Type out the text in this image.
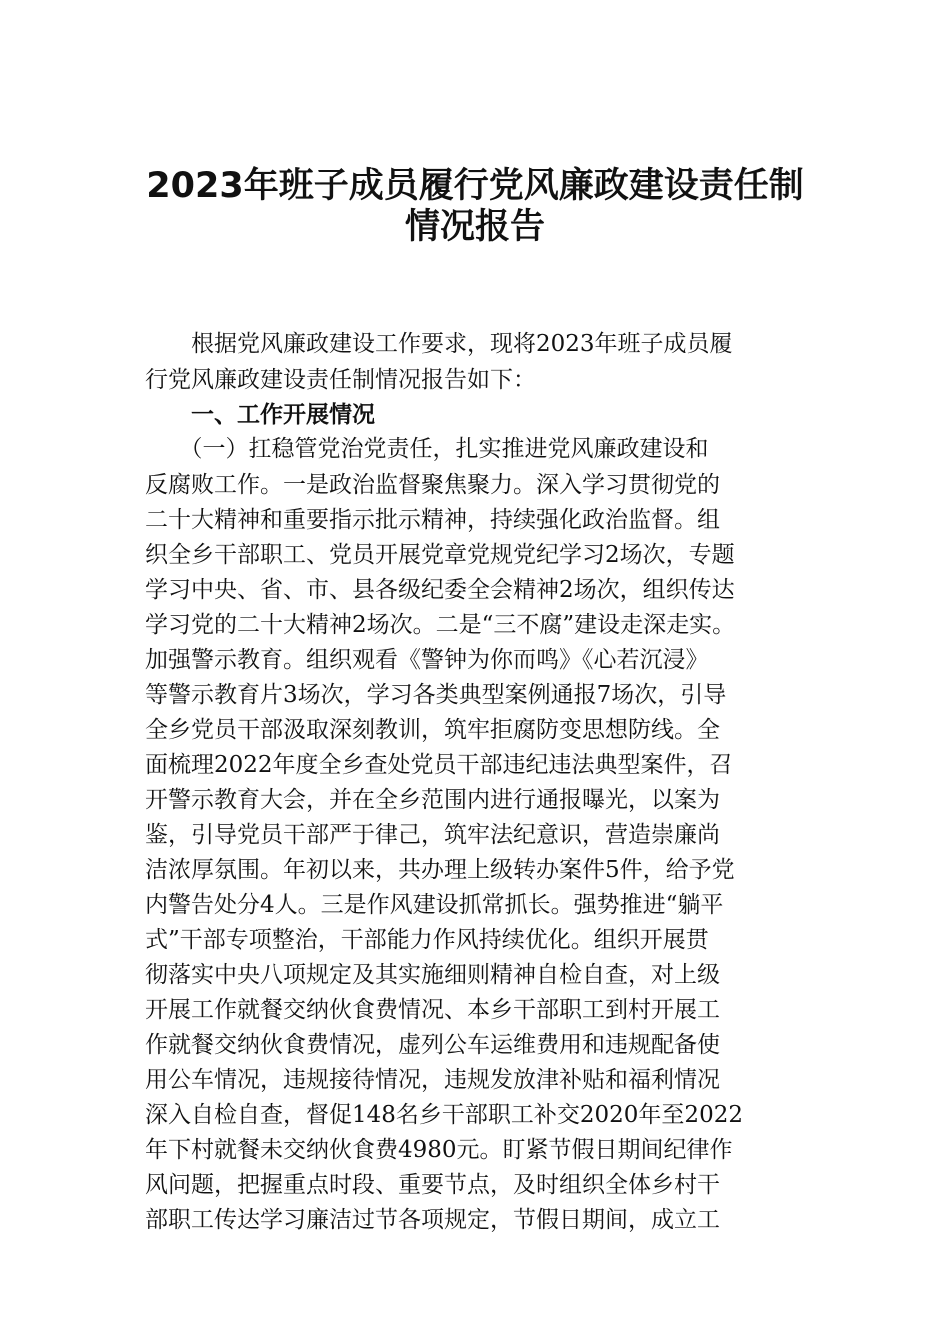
2023年班子成员履行党风廉政建设责任制
情况报告
　　根据党风廉政建设工作要求，现将2023年班子成员履
行党风廉政建设责任制情况报告如下：
　　一、工作开展情况
　　（一）扛稳管党治党责任，扎实推进党风廉政建设和
反腐败工作。一是政治监督聚焦聚力。深入学习贯彻党的
二十大精神和重要指示批示精神，持续强化政治监督。组
织全乡干部职工、党员开展党章党规党纪学习2场次，专题
学习中央、省、市、县各级纪委全会精神2场次，组织传达
学习党的二十大精神2场次。二是“三不腐”建设走深走实。
加强警示教育。组织观看《警钟为你而鸣》《心若沉浸》
等警示教育片3场次，学习各类典型案例通报7场次，引导
全乡党员干部汲取深刻教训，筑牢拒腐防变思想防线。全
面梳理2022年度全乡查处党员干部违纪违法典型案件，召
开警示教育大会，并在全乡范围内进行通报曝光，以案为
鉴，引导党员干部严于律己，筑牢法纪意识，营造崇廉尚
洁浓厚氛围。年初以来，共办理上级转办案件5件，给予党
内警告处分4人。三是作风建设抓常抓长。强势推进“躺平
式”干部专项整治，干部能力作风持续优化。组织开展贯
彻落实中央八项规定及其实施细则精神自检自查，对上级
开展工作就餐交纳伙食费情况、本乡干部职工到村开展工
作就餐交纳伙食费情况，虚列公车运维费用和违规配备使
用公车情况，违规接待情况，违规发放津补贴和福利情况
深入自检自查，督促148名乡干部职工补交2020年至2022
年下村就餐未交纳伙食费4980元。盯紧节假日期间纪律作
风问题，把握重点时段、重要节点，及时组织全体乡村干
部职工传达学习廉洁过节各项规定，节假日期间，成立工
